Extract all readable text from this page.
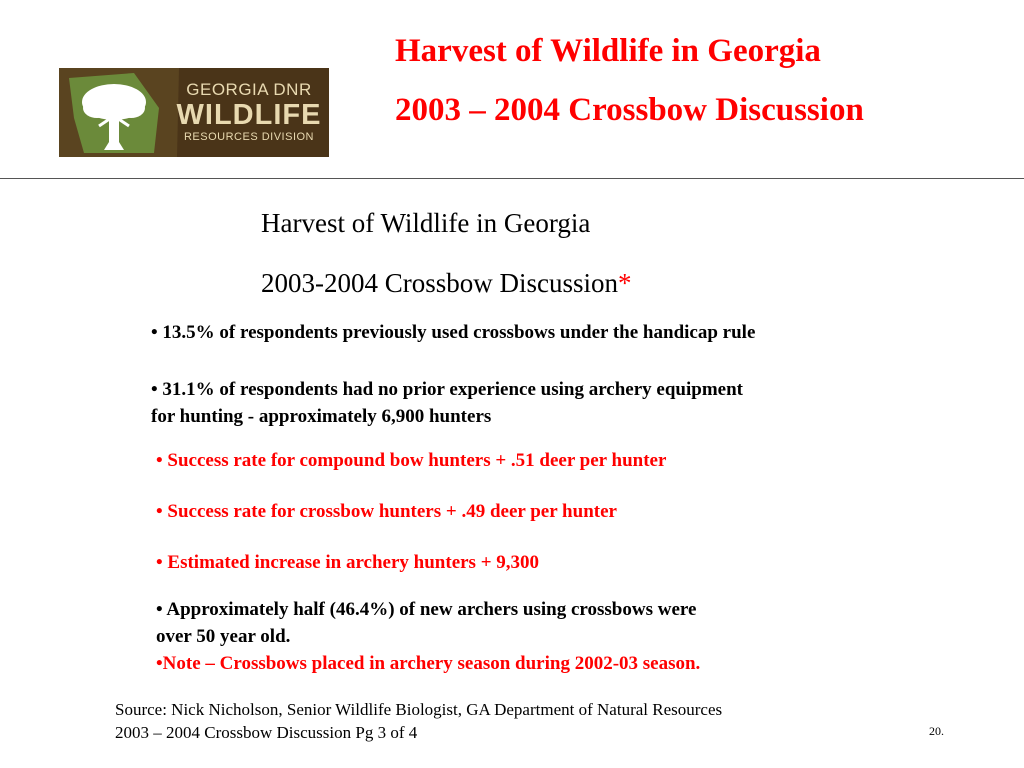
GEORGIA DNR
WILDLIFE
RESOURCES DIVISION
Harvest of Wildlife in Georgia
2003 – 2004 Crossbow Discussion
Harvest of Wildlife in Georgia
2003-2004 Crossbow Discussion*
• 13.5% of respondents previously used crossbows under the handicap rule
• 31.1% of respondents had no prior experience using archery equipment
for hunting - approximately 6,900 hunters
• Success rate for compound bow hunters + .51 deer per hunter
• Success rate for crossbow hunters + .49 deer per hunter
• Estimated increase in archery hunters + 9,300
• Approximately half (46.4%) of new archers using crossbows were
over 50 year old.
•Note – Crossbows placed in archery season during 2002-03 season.
Source: Nick Nicholson, Senior Wildlife Biologist, GA Department of Natural Resources
2003 – 2004 Crossbow Discussion Pg 3 of 4	20.
